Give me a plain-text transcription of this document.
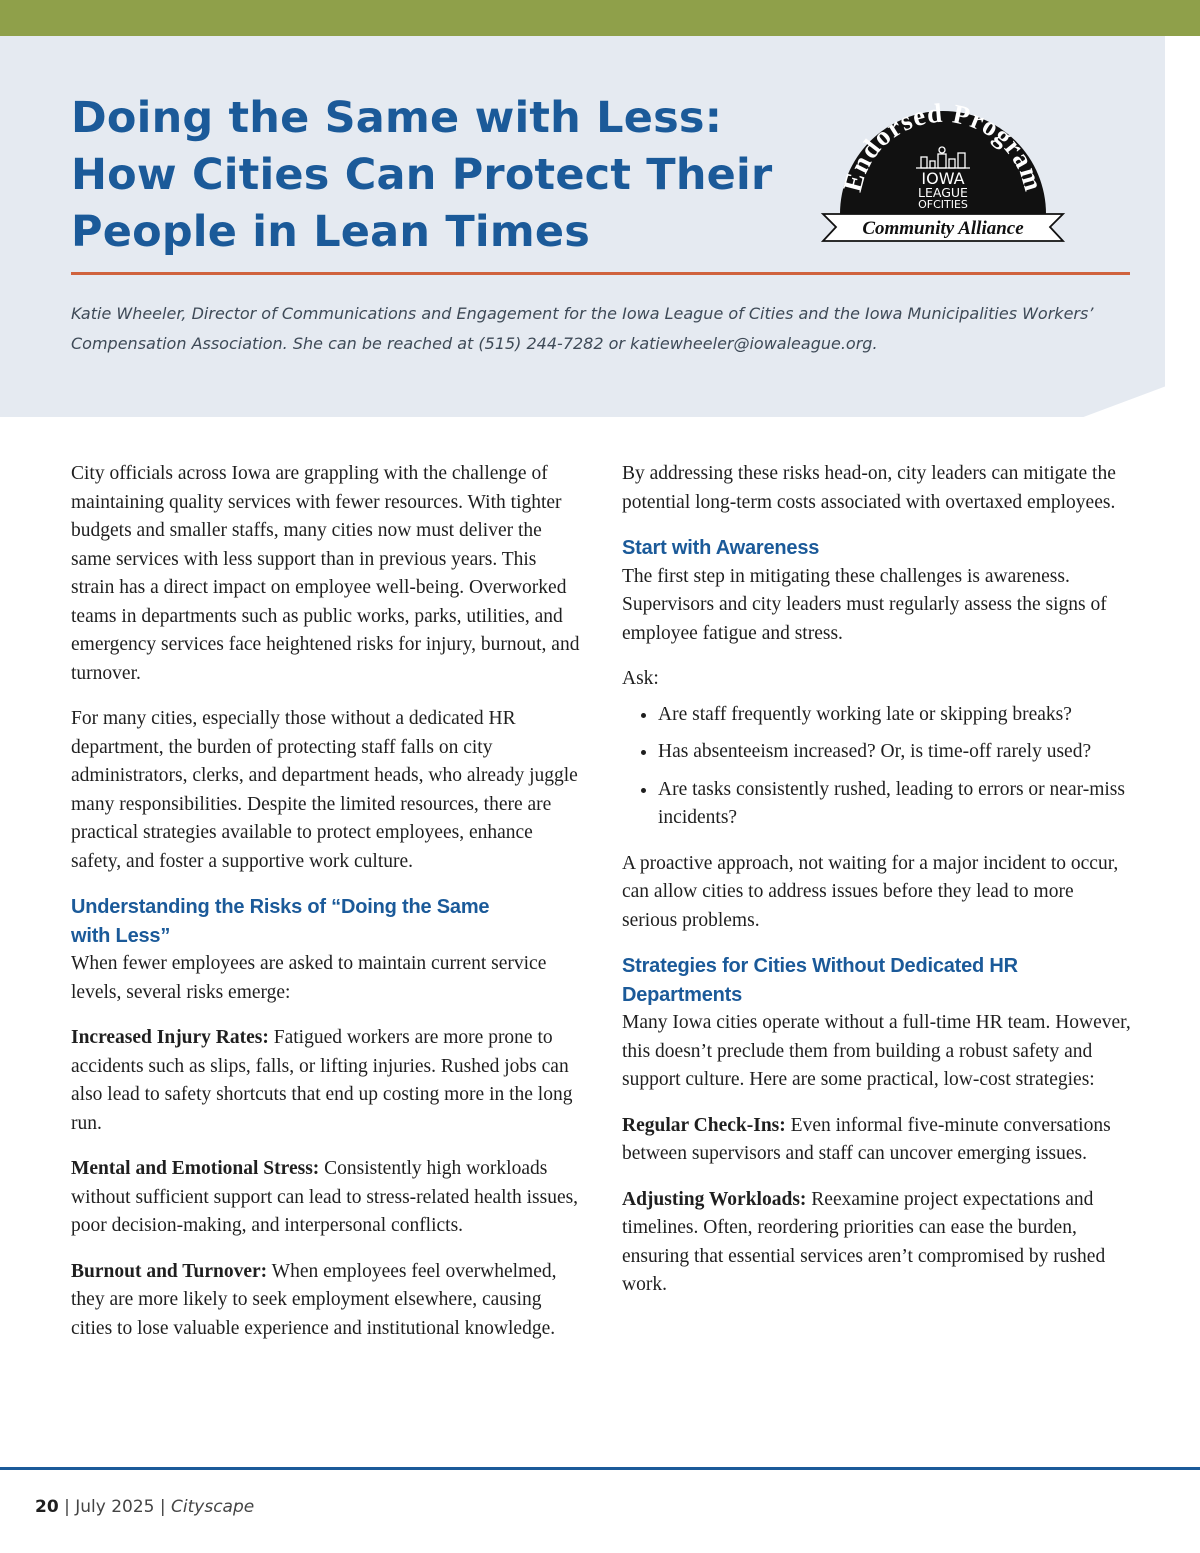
Doing the Same with Less:
How Cities Can Protect Their
People in Lean Times
Endorsed Program
IOWA
LEAGUE
OFCITIES
Community Alliance

Katie Wheeler, Director of Communications and Engagement for the Iowa League of Cities and the Iowa Municipalities Workers’ Compensation Association. She can be reached at (515) 244-7282 or katiewheeler@iowaleague.org.

City officials across Iowa are grappling with the challenge of maintaining quality services with fewer resources. With tighter budgets and smaller staffs, many cities now must deliver the same services with less support than in previous years. This strain has a direct impact on employee well-being. Overworked teams in departments such as public works, parks, utilities, and emergency services face heightened risks for injury, burnout, and turnover.

For many cities, especially those without a dedicated HR department, the burden of protecting staff falls on city administrators, clerks, and department heads, who already juggle many responsibilities. Despite the limited resources, there are practical strategies available to protect employees, enhance safety, and foster a supportive work culture.

Understanding the Risks of “Doing the Same
with Less”

When fewer employees are asked to maintain current service levels, several risks emerge:

Increased Injury Rates: Fatigued workers are more prone to accidents such as slips, falls, or lifting injuries. Rushed jobs can also lead to safety shortcuts that end up costing more in the long run.

Mental and Emotional Stress: Consistently high workloads without sufficient support can lead to stress-related health issues, poor decision-making, and interpersonal conflicts.

Burnout and Turnover: When employees feel overwhelmed, they are more likely to seek employment elsewhere, causing cities to lose valuable experience and institutional knowledge.

By addressing these risks head-on, city leaders can mitigate the potential long-term costs associated with overtaxed employees.

Start with Awareness

The first step in mitigating these challenges is awareness. Supervisors and city leaders must regularly assess the signs of employee fatigue and stress.

Ask:

• Are staff frequently working late or skipping breaks?
• Has absenteeism increased? Or, is time-off rarely used?
• Are tasks consistently rushed, leading to errors or near-miss incidents?

A proactive approach, not waiting for a major incident to occur, can allow cities to address issues before they lead to more serious problems.

Strategies for Cities Without Dedicated HR
Departments

Many Iowa cities operate without a full-time HR team. However, this doesn’t preclude them from building a robust safety and support culture. Here are some practical, low-cost strategies:

Regular Check-Ins: Even informal five-minute conversations between supervisors and staff can uncover emerging issues.

Adjusting Workloads: Reexamine project expectations and timelines. Often, reordering priorities can ease the burden, ensuring that essential services aren’t compromised by rushed work.

20 | July 2025 | Cityscape
